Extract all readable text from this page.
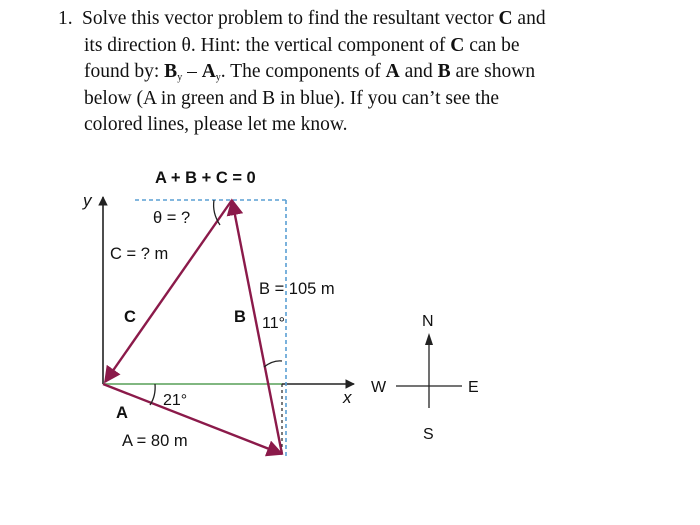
1. Solve this vector problem to find the resultant vector C and
its direction θ. Hint: the vertical component of C can be
found by: $B_y - A_y$. The components of A and B are shown
below (A in green and B in blue). If you can’t see the
colored lines, please let me know.
y
x
A + B + C = 0
θ = ?
C = ? m
C
B = 105 m
B 11°
21°
A
A = 80 m
N
S
W	E
